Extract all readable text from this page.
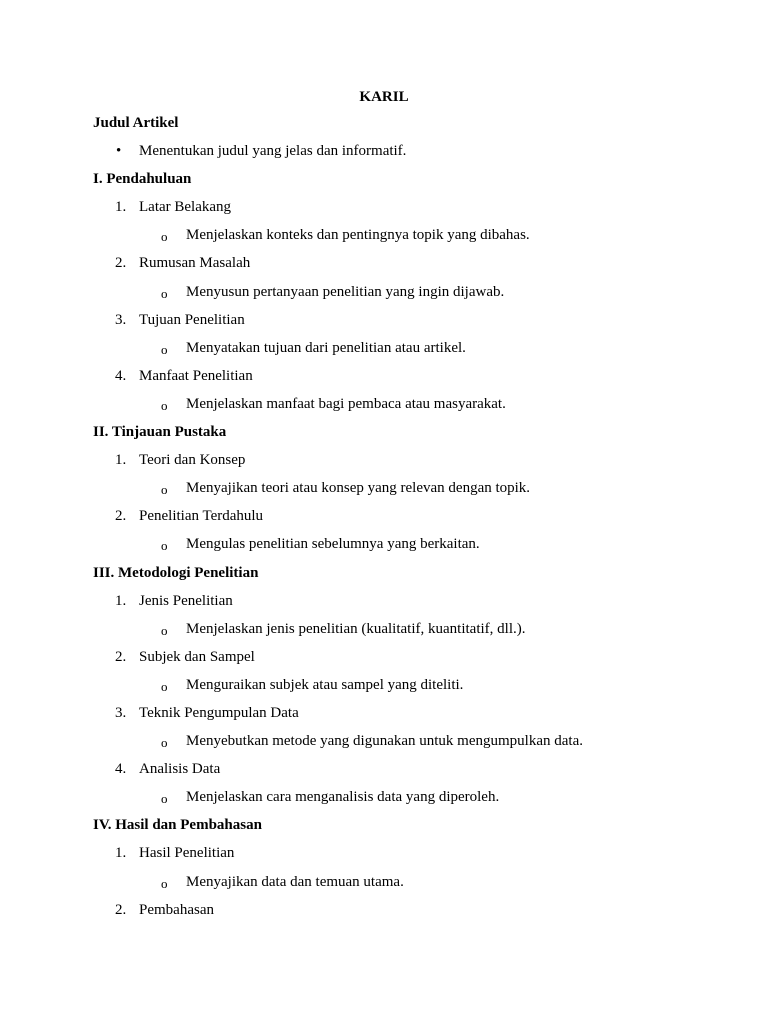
KARIL
Judul Artikel
• Menentukan judul yang jelas dan informatif.
I. Pendahuluan
1. Latar Belakang
o Menjelaskan konteks dan pentingnya topik yang dibahas.
2. Rumusan Masalah
o Menyusun pertanyaan penelitian yang ingin dijawab.
3. Tujuan Penelitian
o Menyatakan tujuan dari penelitian atau artikel.
4. Manfaat Penelitian
o Menjelaskan manfaat bagi pembaca atau masyarakat.
II. Tinjauan Pustaka
1. Teori dan Konsep
o Menyajikan teori atau konsep yang relevan dengan topik.
2. Penelitian Terdahulu
o Mengulas penelitian sebelumnya yang berkaitan.
III. Metodologi Penelitian
1. Jenis Penelitian
o Menjelaskan jenis penelitian (kualitatif, kuantitatif, dll.).
2. Subjek dan Sampel
o Menguraikan subjek atau sampel yang diteliti.
3. Teknik Pengumpulan Data
o Menyebutkan metode yang digunakan untuk mengumpulkan data.
4. Analisis Data
o Menjelaskan cara menganalisis data yang diperoleh.
IV. Hasil dan Pembahasan
1. Hasil Penelitian
o Menyajikan data dan temuan utama.
2. Pembahasan
